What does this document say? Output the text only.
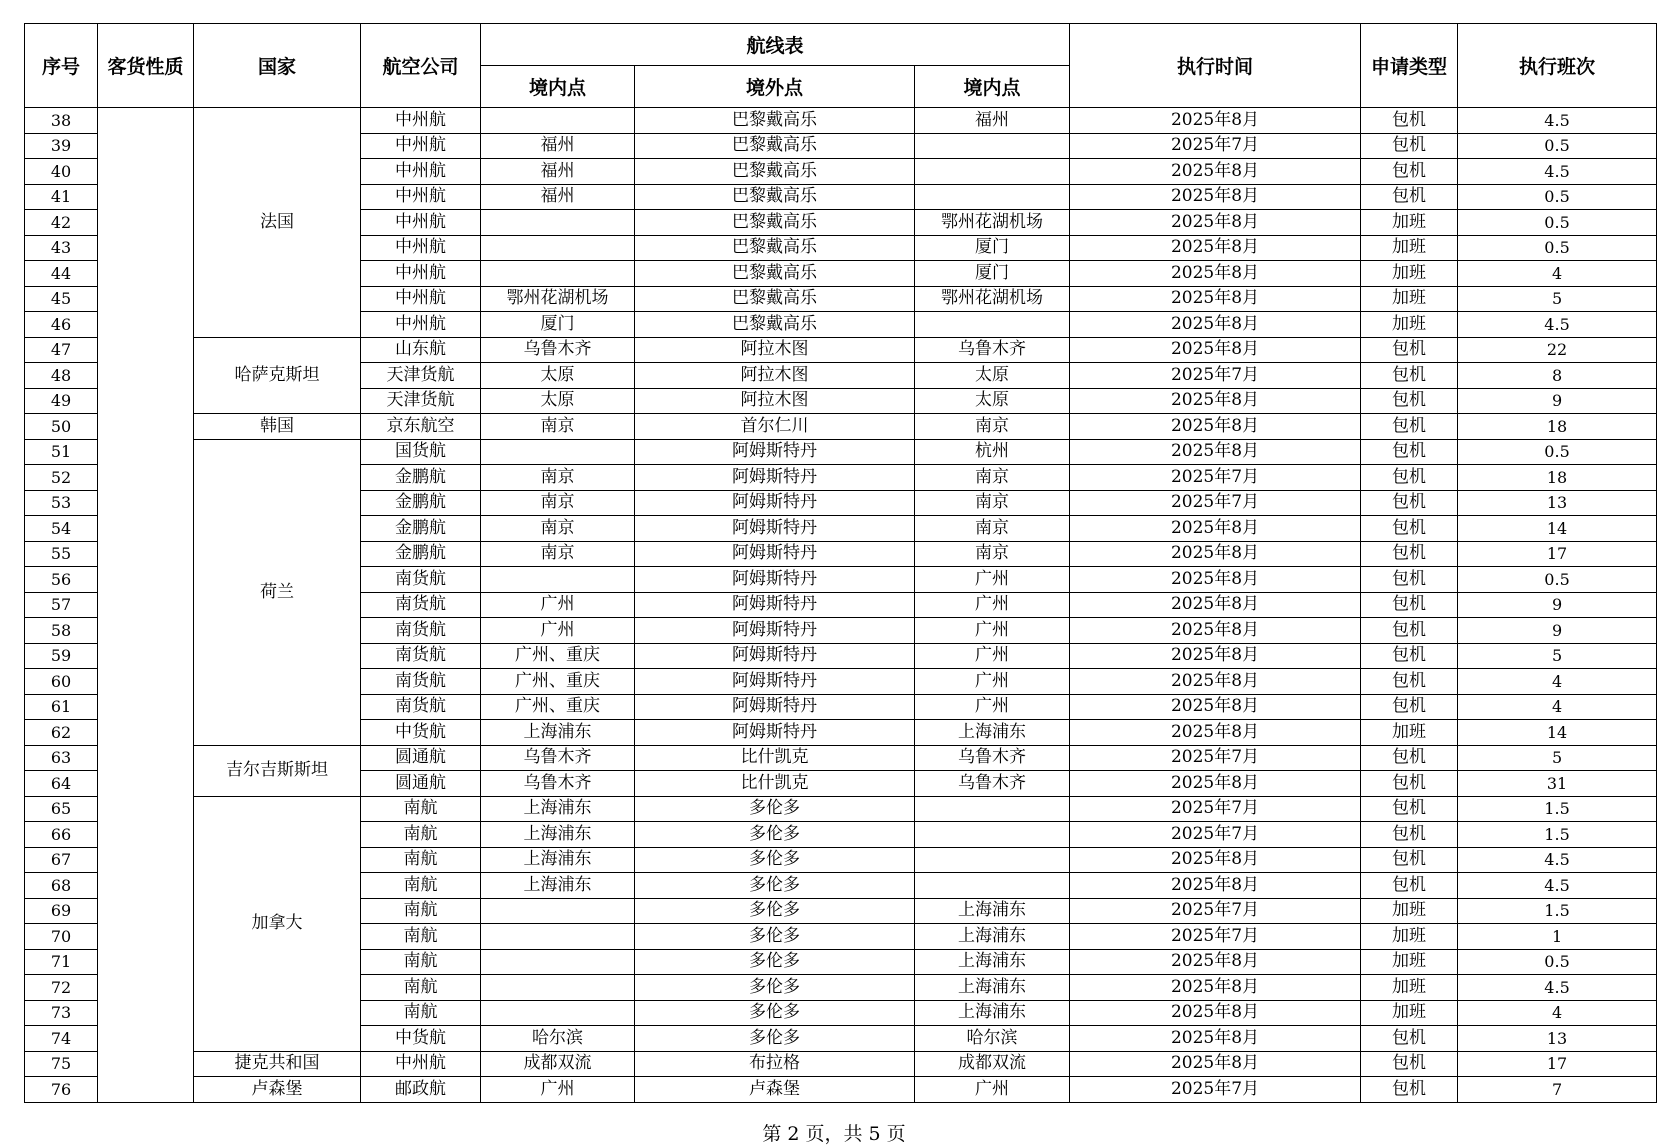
序号	客货性质	国家	航空公司	航线表			执行时间	申请类型	执行班次
				境内点	境外点	境内点			
38		法国	中州航		巴黎戴高乐	福州	2025年8月	包机	4.5
39			中州航	福州	巴黎戴高乐		2025年7月	包机	0.5
40			中州航	福州	巴黎戴高乐		2025年8月	包机	4.5
41			中州航	福州	巴黎戴高乐		2025年8月	包机	0.5
42			中州航		巴黎戴高乐	鄂州花湖机场	2025年8月	加班	0.5
43			中州航		巴黎戴高乐	厦门	2025年8月	加班	0.5
44			中州航		巴黎戴高乐	厦门	2025年8月	加班	4
45			中州航	鄂州花湖机场	巴黎戴高乐	鄂州花湖机场	2025年8月	加班	5
46			中州航	厦门	巴黎戴高乐		2025年8月	加班	4.5
47		哈萨克斯坦	山东航	乌鲁木齐	阿拉木图	乌鲁木齐	2025年8月	包机	22
48			天津货航	太原	阿拉木图	太原	2025年7月	包机	8
49			天津货航	太原	阿拉木图	太原	2025年8月	包机	9
50		韩国	京东航空	南京	首尔仁川	南京	2025年8月	包机	18
51		荷兰	国货航		阿姆斯特丹	杭州	2025年8月	包机	0.5
52			金鹏航	南京	阿姆斯特丹	南京	2025年7月	包机	18
53			金鹏航	南京	阿姆斯特丹	南京	2025年7月	包机	13
54			金鹏航	南京	阿姆斯特丹	南京	2025年8月	包机	14
55			金鹏航	南京	阿姆斯特丹	南京	2025年8月	包机	17
56			南货航		阿姆斯特丹	广州	2025年8月	包机	0.5
57			南货航	广州	阿姆斯特丹	广州	2025年8月	包机	9
58			南货航	广州	阿姆斯特丹	广州	2025年8月	包机	9
59			南货航	广州、重庆	阿姆斯特丹	广州	2025年8月	包机	5
60			南货航	广州、重庆	阿姆斯特丹	广州	2025年8月	包机	4
61			南货航	广州、重庆	阿姆斯特丹	广州	2025年8月	包机	4
62			中货航	上海浦东	阿姆斯特丹	上海浦东	2025年8月	加班	14
63		吉尔吉斯斯坦	圆通航	乌鲁木齐	比什凯克	乌鲁木齐	2025年7月	包机	5
64			圆通航	乌鲁木齐	比什凯克	乌鲁木齐	2025年8月	包机	31
65		加拿大	南航	上海浦东	多伦多		2025年7月	包机	1.5
66			南航	上海浦东	多伦多		2025年7月	包机	1.5
67			南航	上海浦东	多伦多		2025年8月	包机	4.5
68			南航	上海浦东	多伦多		2025年8月	包机	4.5
69			南航		多伦多	上海浦东	2025年7月	加班	1.5
70			南航		多伦多	上海浦东	2025年7月	加班	1
71			南航		多伦多	上海浦东	2025年8月	加班	0.5
72			南航		多伦多	上海浦东	2025年8月	加班	4.5
73			南航		多伦多	上海浦东	2025年8月	加班	4
74			中货航	哈尔滨	多伦多	哈尔滨	2025年8月	包机	13
75		捷克共和国	中州航	成都双流	布拉格	成都双流	2025年8月	包机	17
76		卢森堡	邮政航	广州	卢森堡	广州	2025年7月	包机	7
第 2 页，共 5 页
